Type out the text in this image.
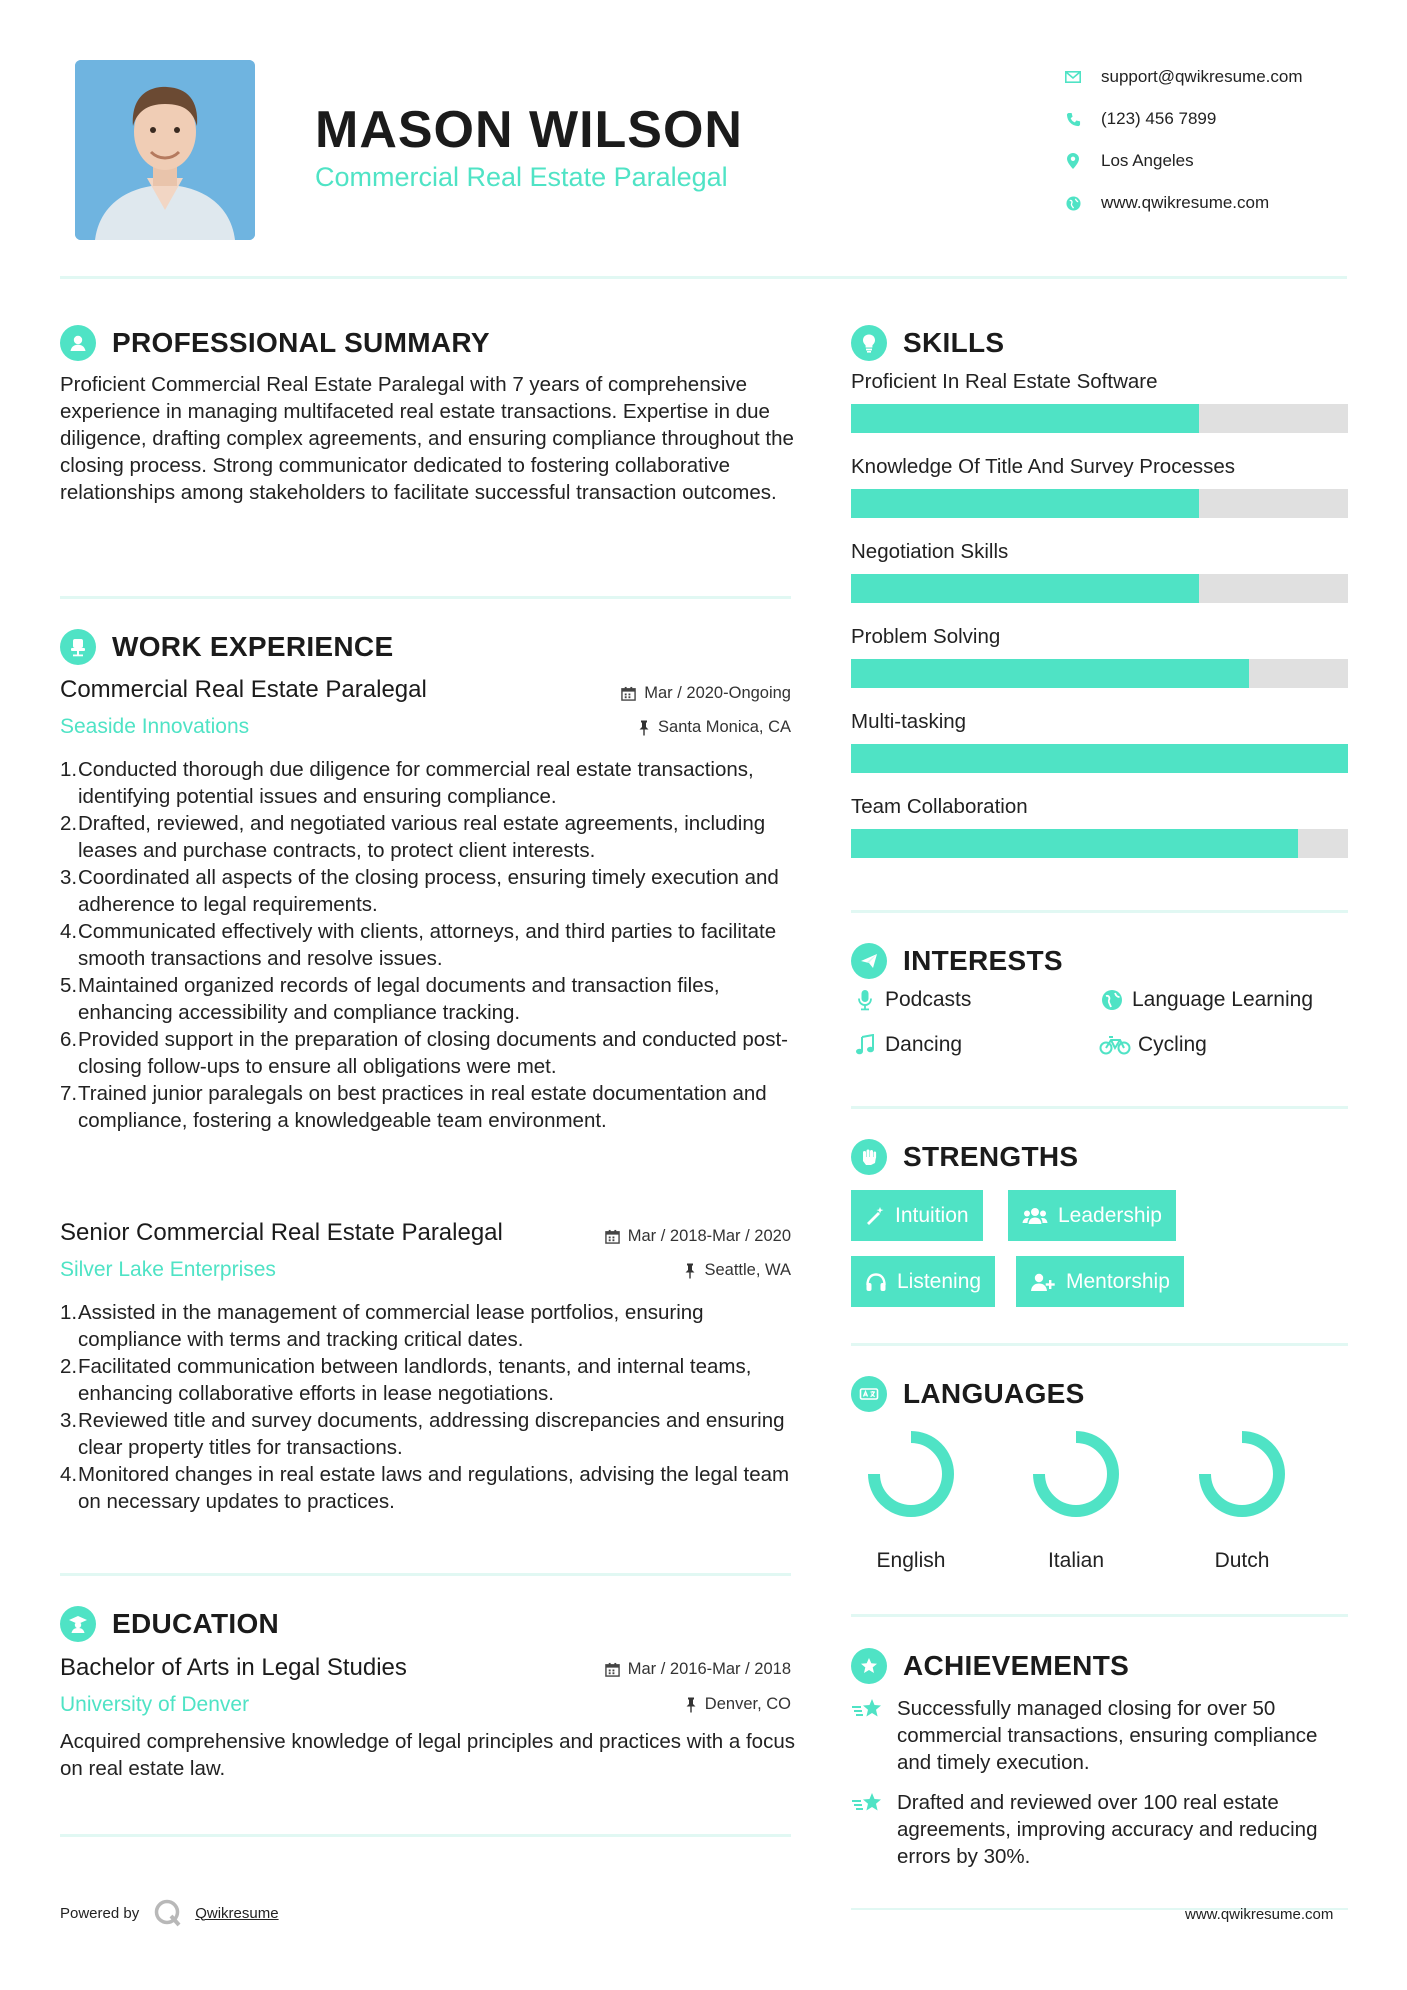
MASON WILSON
Commercial Real Estate Paralegal
support@qwikresume.com
(123) 456 7899
Los Angeles
www.qwikresume.com
PROFESSIONAL SUMMARY
Proficient Commercial Real Estate Paralegal with 7 years of comprehensive experience in managing multifaceted real estate transactions. Expertise in due diligence, drafting complex agreements, and ensuring compliance throughout the closing process. Strong communicator dedicated to fostering collaborative relationships among stakeholders to facilitate successful transaction outcomes.
WORK EXPERIENCE
Commercial Real Estate Paralegal	Mar / 2020-Ongoing
Seaside Innovations	Santa Monica, CA
1. Conducted thorough due diligence for commercial real estate transactions, identifying potential issues and ensuring compliance.
2. Drafted, reviewed, and negotiated various real estate agreements, including leases and purchase contracts, to protect client interests.
3. Coordinated all aspects of the closing process, ensuring timely execution and adherence to legal requirements.
4. Communicated effectively with clients, attorneys, and third parties to facilitate smooth transactions and resolve issues.
5. Maintained organized records of legal documents and transaction files, enhancing accessibility and compliance tracking.
6. Provided support in the preparation of closing documents and conducted post-closing follow-ups to ensure all obligations were met.
7. Trained junior paralegals on best practices in real estate documentation and compliance, fostering a knowledgeable team environment.
Senior Commercial Real Estate Paralegal	Mar / 2018-Mar / 2020
Silver Lake Enterprises	Seattle, WA
1. Assisted in the management of commercial lease portfolios, ensuring compliance with terms and tracking critical dates.
2. Facilitated communication between landlords, tenants, and internal teams, enhancing collaborative efforts in lease negotiations.
3. Reviewed title and survey documents, addressing discrepancies and ensuring clear property titles for transactions.
4. Monitored changes in real estate laws and regulations, advising the legal team on necessary updates to practices.
EDUCATION
Bachelor of Arts in Legal Studies	Mar / 2016-Mar / 2018
University of Denver	Denver, CO
Acquired comprehensive knowledge of legal principles and practices with a focus on real estate law.
SKILLS
Proficient In Real Estate Software
Knowledge Of Title And Survey Processes
Negotiation Skills
Problem Solving
Multi-tasking
Team Collaboration
INTERESTS
Podcasts	Language Learning
Dancing	Cycling
STRENGTHS
Intuition	Leadership
Listening	Mentorship
LANGUAGES
English	Italian	Dutch
ACHIEVEMENTS
Successfully managed closing for over 50 commercial transactions, ensuring compliance and timely execution.
Drafted and reviewed over 100 real estate agreements, improving accuracy and reducing errors by 30%.
Powered by	Qwikresume	www.qwikresume.com
